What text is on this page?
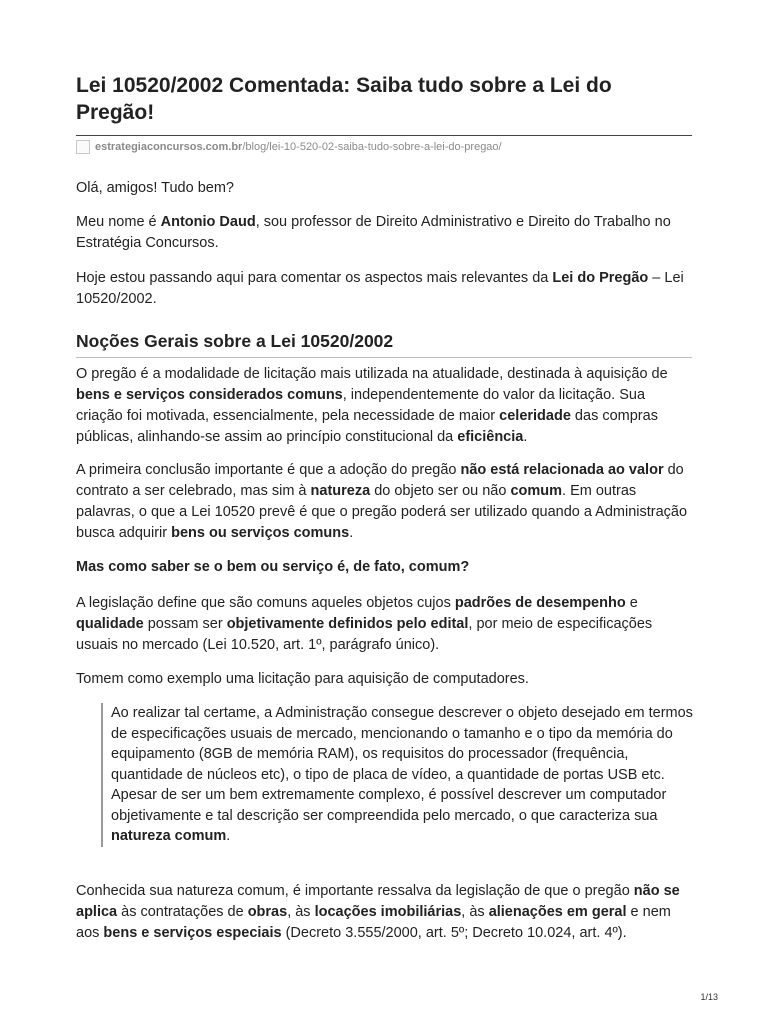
Lei 10520/2002 Comentada: Saiba tudo sobre a Lei do Pregão!
estrategiaconcursos.com.br/blog/lei-10-520-02-saiba-tudo-sobre-a-lei-do-pregao/

Olá, amigos! Tudo bem?

Meu nome é Antonio Daud, sou professor de Direito Administrativo e Direito do Trabalho no Estratégia Concursos.

Hoje estou passando aqui para comentar os aspectos mais relevantes da Lei do Pregão – Lei 10520/2002.

Noções Gerais sobre a Lei 10520/2002

O pregão é a modalidade de licitação mais utilizada na atualidade, destinada à aquisição de bens e serviços considerados comuns, independentemente do valor da licitação. Sua criação foi motivada, essencialmente, pela necessidade de maior celeridade das compras públicas, alinhando-se assim ao princípio constitucional da eficiência.

A primeira conclusão importante é que a adoção do pregão não está relacionada ao valor do contrato a ser celebrado, mas sim à natureza do objeto ser ou não comum. Em outras palavras, o que a Lei 10520 prevê é que o pregão poderá ser utilizado quando a Administração busca adquirir bens ou serviços comuns.

Mas como saber se o bem ou serviço é, de fato, comum?

A legislação define que são comuns aqueles objetos cujos padrões de desempenho e qualidade possam ser objetivamente definidos pelo edital, por meio de especificações usuais no mercado (Lei 10.520, art. 1º, parágrafo único).

Tomem como exemplo uma licitação para aquisição de computadores.

Ao realizar tal certame, a Administração consegue descrever o objeto desejado em termos de especificações usuais de mercado, mencionando o tamanho e o tipo da memória do equipamento (8GB de memória RAM), os requisitos do processador (frequência, quantidade de núcleos etc), o tipo de placa de vídeo, a quantidade de portas USB etc.

Apesar de ser um bem extremamente complexo, é possível descrever um computador objetivamente e tal descrição ser compreendida pelo mercado, o que caracteriza sua natureza comum.

Conhecida sua natureza comum, é importante ressalva da legislação de que o pregão não se aplica às contratações de obras, às locações imobiliárias, às alienações em geral e nem aos bens e serviços especiais (Decreto 3.555/2000, art. 5º; Decreto 10.024, art. 4º).

1/13
